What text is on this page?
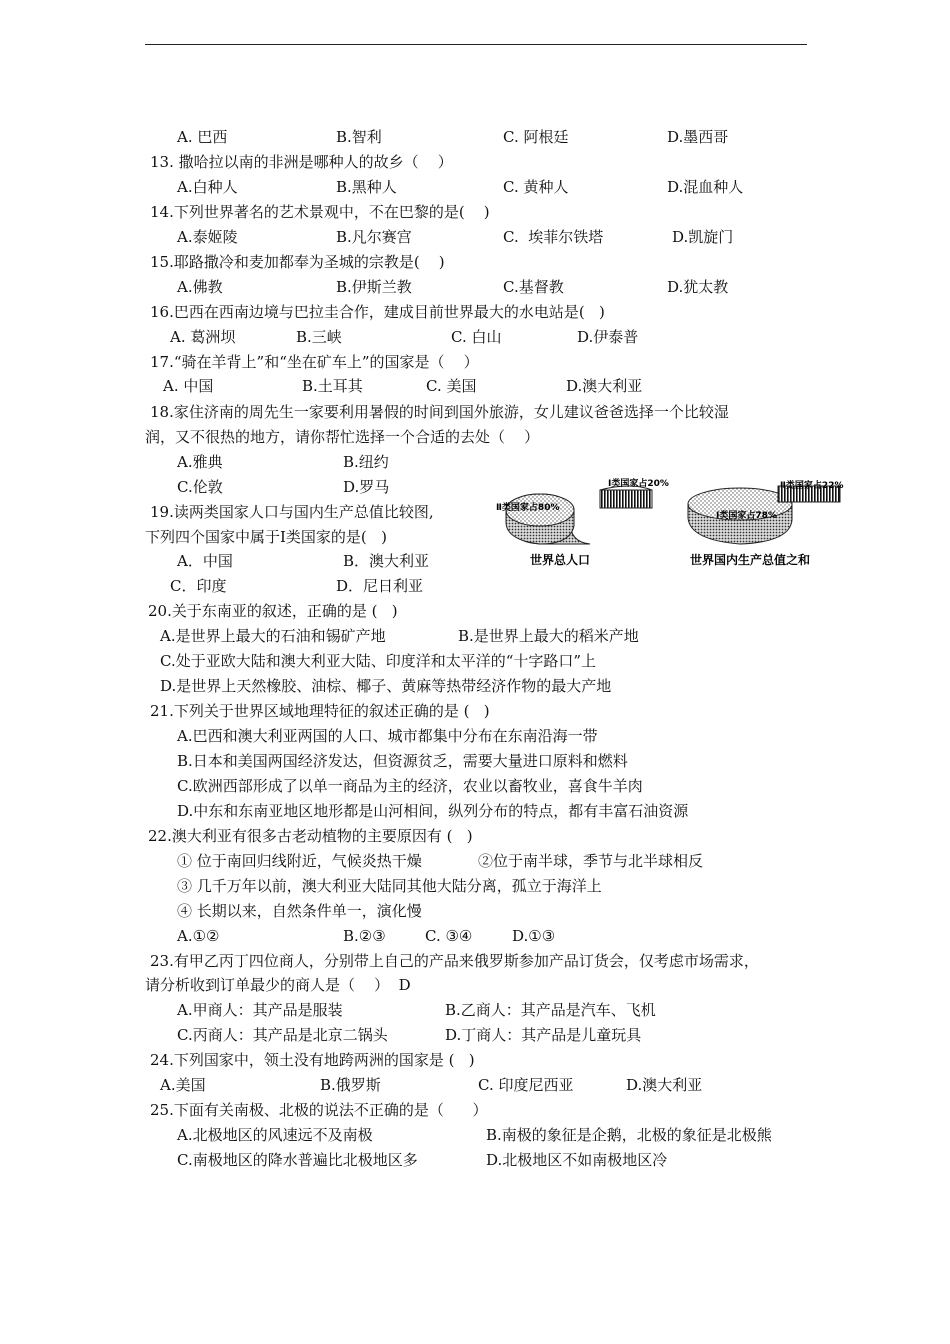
A. 巴西	B.智利	C. 阿根廷	D.墨西哥
13. 撒哈拉以南的非洲是哪种人的故乡（    ）
A.白种人	B.黑种人	C. 黄种人	D.混血种人
14.下列世界著名的艺术景观中，不在巴黎的是(    )
A.泰姬陵	B.凡尔赛宫	C.  埃菲尔铁塔	D.凯旋门
15.耶路撒冷和麦加都奉为圣城的宗教是(    )
A.佛教	B.伊斯兰教	C.基督教	D.犹太教
16.巴西在西南边境与巴拉圭合作，建成目前世界最大的水电站是(   )
A. 葛洲坝	B.三峡	C. 白山	D.伊泰普
17.“骑在羊背上”和“坐在矿车上”的国家是（    ）
A. 中国	B.土耳其	C. 美国	D.澳大利亚
18.家住济南的周先生一家要利用暑假的时间到国外旅游，女儿建议爸爸选择一个比较湿
润，又不很热的地方，请你帮忙选择一个合适的去处（    ）
A.雅典	B.纽约
C.伦敦	D.罗马
19.读两类国家人口与国内生产总值比较图,
下列四个国家中属于Ⅰ类国家的是(   )
A．中国	B．澳大利亚
C．印度	D．尼日利亚
20.关于东南亚的叙述，正确的是 (   )
A.是世界上最大的石油和锡矿产地	B.是世界上最大的稻米产地
C.处于亚欧大陆和澳大利亚大陆、印度洋和太平洋的“十字路口”上
D.是世界上天然橡胶、油棕、椰子、黄麻等热带经济作物的最大产地
21.下列关于世界区域地理特征的叙述正确的是 (   )
A.巴西和澳大利亚两国的人口、城市都集中分布在东南沿海一带
B.日本和美国两国经济发达，但资源贫乏，需要大量进口原料和燃料
C.欧洲西部形成了以单一商品为主的经济，农业以畜牧业，喜食牛羊肉
D.中东和东南亚地区地形都是山河相间，纵列分布的特点，都有丰富石油资源
22.澳大利亚有很多古老动植物的主要原因有 (   )
① 位于南回归线附近，气候炎热干燥	②位于南半球，季节与北半球相反
③ 几千万年以前，澳大利亚大陆同其他大陆分离，孤立于海洋上
④ 长期以来，自然条件单一，演化慢
A.①②	B.②③	C. ③④	D.①③
23.有甲乙丙丁四位商人，分别带上自己的产品来俄罗斯参加产品订货会，仅考虑市场需求，
请分析收到订单最少的商人是（    ）  D
A.甲商人：其产品是服装	B.乙商人：其产品是汽车、飞机
C.丙商人：其产品是北京二锅头	D.丁商人：其产品是儿童玩具
24.下列国家中，领土没有地跨两洲的国家是 (   )
A.美国	B.俄罗斯	C. 印度尼西亚	D.澳大利亚
25.下面有关南极、北极的说法不正确的是（      ）
A.北极地区的风速远不及南极	B.南极的象征是企鹅，北极的象征是北极熊
C.南极地区的降水普遍比北极地区多	D.北极地区不如南极地区冷
Ⅰ类国家占20%
Ⅱ类国家占80%
世界总人口
Ⅱ类国家占22%
Ⅰ类国家占78%
世界国内生产总值之和
